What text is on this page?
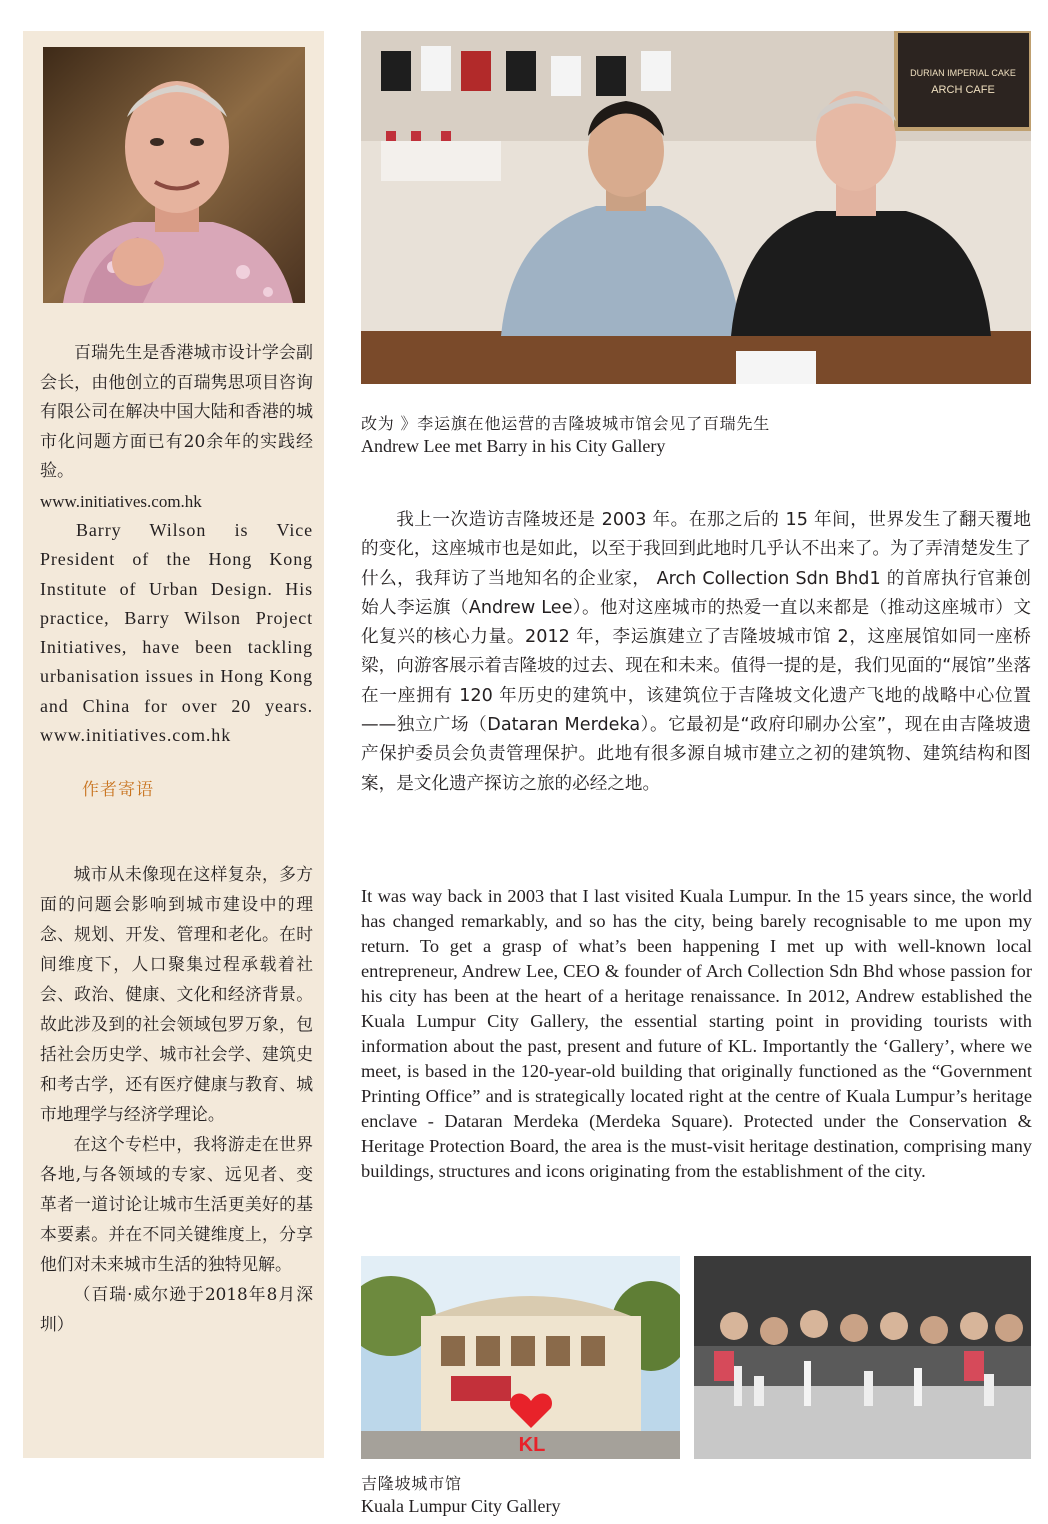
百瑞先生是香港城市设计学会副会长，由他创立的百瑞隽思项目咨询有限公司在解决中国大陆和香港的城市化问题方面已有20余年的实践经验。

www.initiatives.com.hk

Barry Wilson is Vice President of the Hong Kong Institute of Urban Design. His practice, Barry Wilson Project Initiatives, have been tackling urbanisation issues in Hong Kong and China for over 20 years. www.initiatives.com.hk

作者寄语

城市从未像现在这样复杂，多方面的问题会影响到城市建设中的理念、规划、开发、管理和老化。在时间维度下，人口聚集过程承载着社会、政治、健康、文化和经济背景。故此涉及到的社会领域包罗万象，包括社会历史学、城市社会学、建筑史和考古学，还有医疗健康与教育、城市地理学与经济学理论。

在这个专栏中，我将游走在世界各地,与各领域的专家、远见者、变革者一道讨论让城市生活更美好的基本要素。并在不同关键维度上，分享他们对未来城市生活的独特见解。

（百瑞·威尔逊于2018年8月深圳）

DURIAN IMPERIAL CAKE
ARCH CAFE
改为 》李运旗在他运营的吉隆坡城市馆会见了百瑞先生
Andrew Lee met Barry in his City Gallery

我上一次造访吉隆坡还是 2003 年。在那之后的 15 年间，世界发生了翻天覆地的变化，这座城市也是如此，以至于我回到此地时几乎认不出来了。为了弄清楚发生了什么，我拜访了当地知名的企业家， Arch Collection Sdn Bhd1 的首席执行官兼创始人李运旗（Andrew Lee）。他对这座城市的热爱一直以来都是（推动这座城市）文化复兴的核心力量。2012 年，李运旗建立了吉隆坡城市馆 2，这座展馆如同一座桥梁，向游客展示着吉隆坡的过去、现在和未来。值得一提的是，我们见面的“展馆”坐落在一座拥有 120 年历史的建筑中，该建筑位于吉隆坡文化遗产飞地的战略中心位置——独立广场（Dataran Merdeka）。它最初是“政府印刷办公室”，现在由吉隆坡遗产保护委员会负责管理保护。此地有很多源自城市建立之初的建筑物、建筑结构和图案，是文化遗产探访之旅的必经之地。

It was way back in 2003 that I last visited Kuala Lumpur. In the 15 years since, the world has changed remarkably, and so has the city, being barely recognisable to me upon my return. To get a grasp of what’s been happening I met up with well-known local entrepreneur, Andrew Lee, CEO & founder of Arch Collection Sdn Bhd whose passion for his city has been at the heart of a heritage renaissance. In 2012, Andrew established the Kuala Lumpur City Gallery, the essential starting point in providing tourists with information about the past, present and future of KL. Importantly the ‘Gallery’, where we meet, is based in the 120-year-old building that originally functioned as the “Government Printing Office” and is strategically located right at the centre of Kuala Lumpur’s heritage enclave - Dataran Merdeka (Merdeka Square). Protected under the Conservation & Heritage Protection Board, the area is the must-visit heritage destination, comprising many buildings, structures and icons originating from the establishment of the city.

KL
吉隆坡城市馆
Kuala Lumpur City Gallery
